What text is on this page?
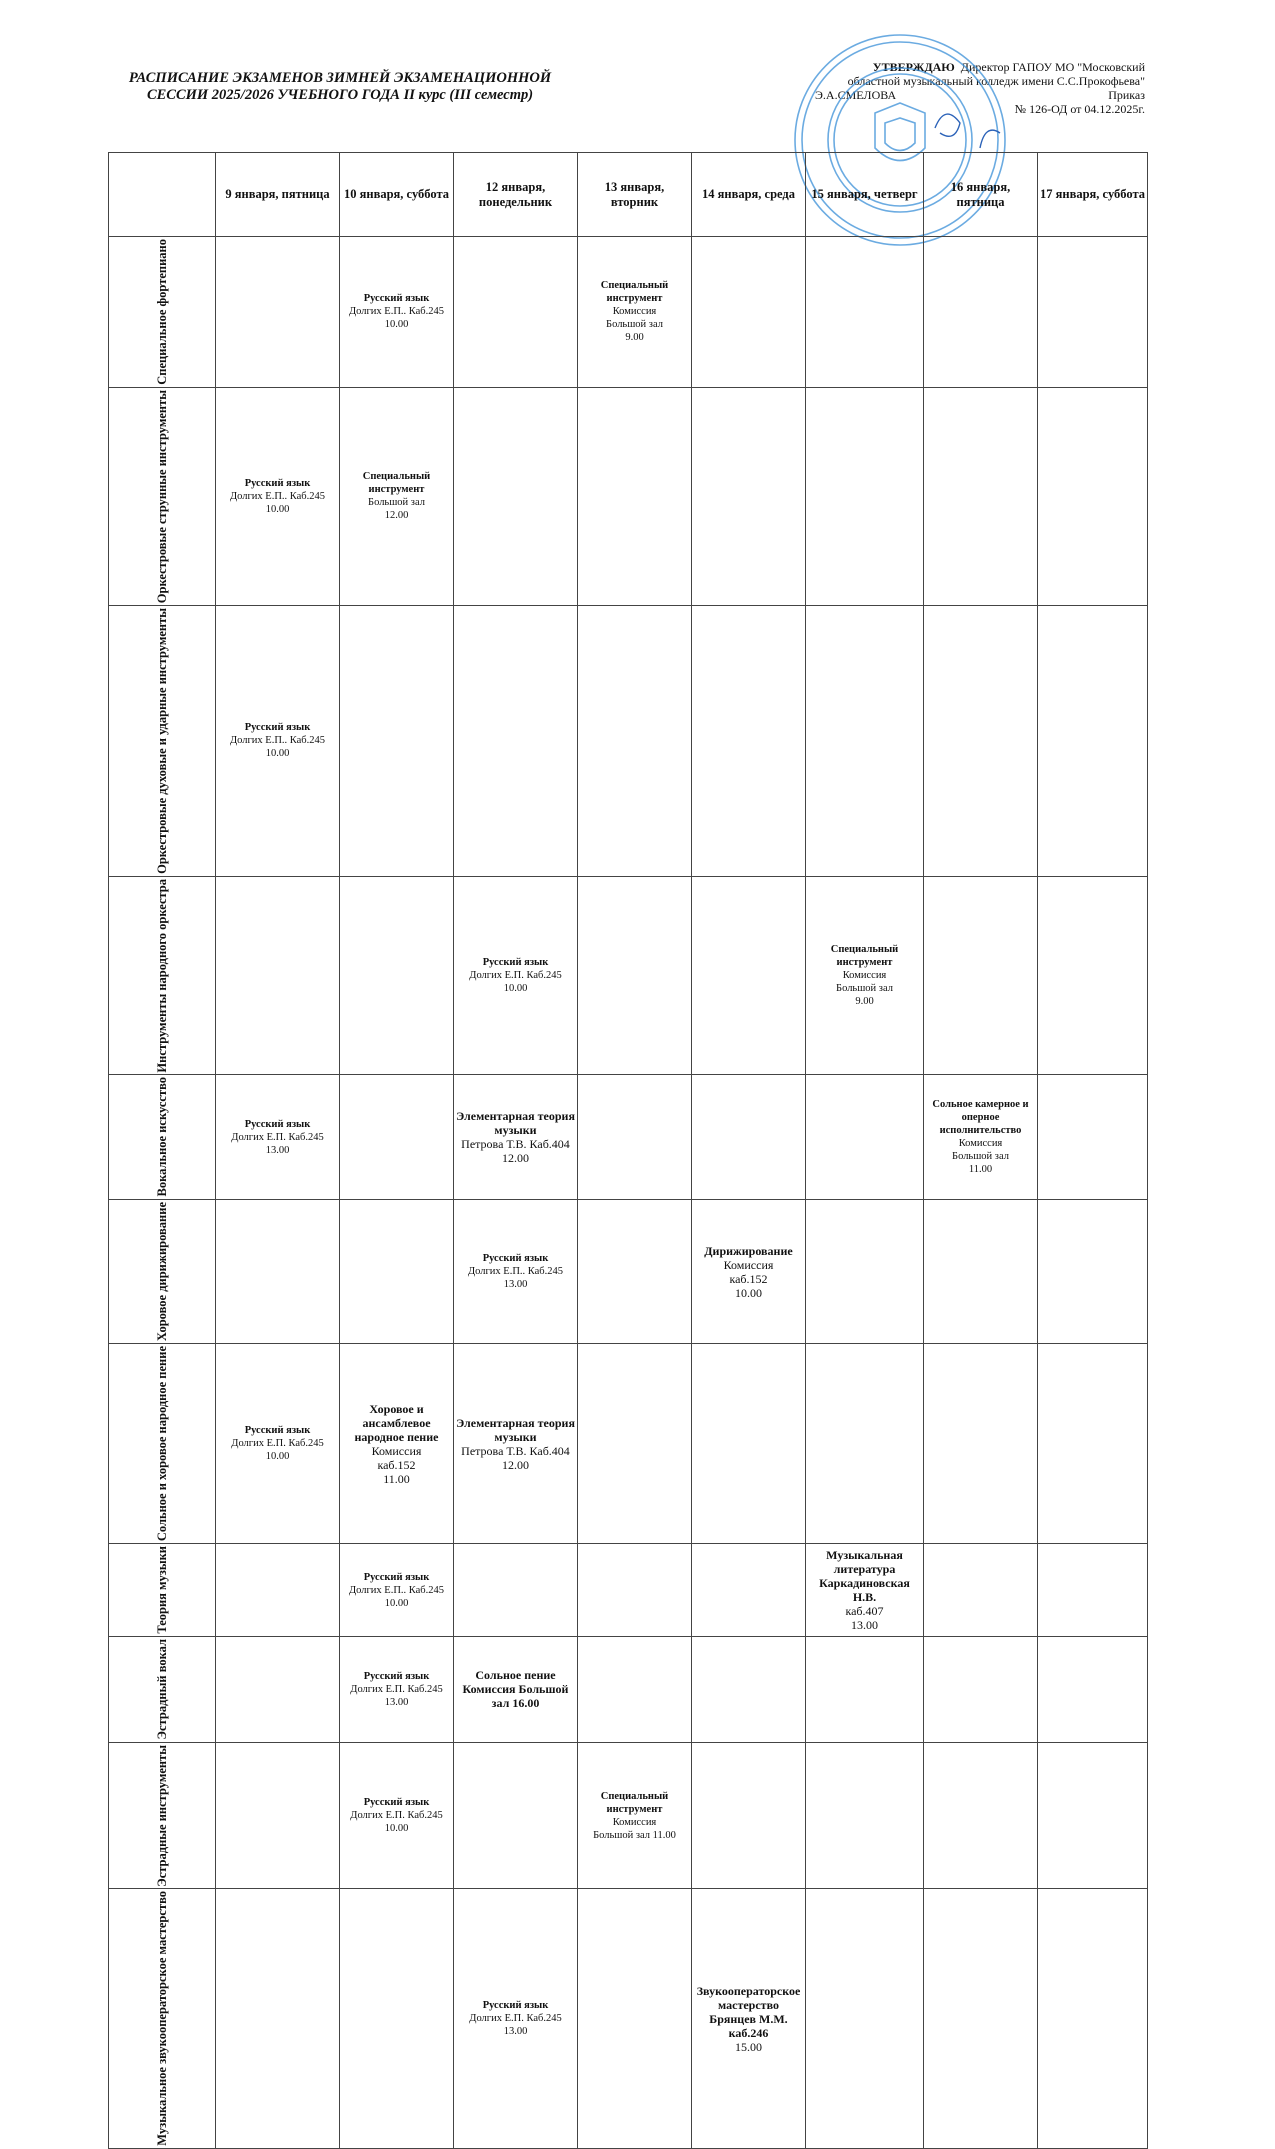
РАСПИСАНИЕ ЭКЗАМЕНОВ ЗИМНЕЙ ЭКЗАМЕНАЦИОННОЙ СЕССИИ 2025/2026 УЧЕБНОГО ГОДА II курс (III семестр)
УТВЕРЖДАЮ Директор ГАПОУ МО "Московский
областной музыкальный колледж имени С.С.Прокофьева"
Э.А.СМЕЛОВА	Приказ
№ 126-ОД от 04.12.2025г.
	9 января, пятница	10 января, суббота	12 января, понедельник	13 января, вторник	14 января, среда	15 января, четверг	16 января, пятница	17 января, суббота

Специальное фортепиано		Русский язык
Долгих Е.П.. Каб.245
10.00		Специальный инструмент
Комиссия
Большой зал
9.00				

Оркестровые струнные инструменты	Русский язык
Долгих Е.П.. Каб.245
10.00	Специальный инструмент
Большой зал
12.00						

Оркестровые духовые и ударные инструменты	Русский язык
Долгих Е.П.. Каб.245
10.00							

Инструменты народного оркестра			Русский язык
Долгих Е.П. Каб.245
10.00			Специальный инструмент
Комиссия
Большой зал
9.00		

Вокальное искусство	Русский язык
Долгих Е.П. Каб.245
13.00		Элементарная теория музыки
Петрова Т.В. Каб.404
12.00				Сольное камерное и оперное исполнительство
Комиссия
Большой зал
11.00	

Хоровое дирижирование			Русский язык
Долгих Е.П.. Каб.245
13.00		Дирижирование
Комиссия
каб.152
10.00			

Сольное и хоровое народное пение	Русский язык
Долгих Е.П. Каб.245
10.00	Хоровое и ансамблевое народное пение
Комиссия
каб.152
11.00	Элементарная теория музыки
Петрова Т.В. Каб.404
12.00					

Теория музыки		Русский язык
Долгих Е.П.. Каб.245
10.00				Музыкальная литература Каркадиновская Н.В.
каб.407
13.00		

Эстрадный вокал		Русский язык
Долгих Е.П. Каб.245
13.00	Сольное пение Комиссия Большой зал 16.00					

Эстрадные инструменты		Русский язык
Долгих Е.П. Каб.245
10.00		Специальный инструмент
Комиссия
Большой зал 11.00				

Музыкальное звукооператорское мастерство			Русский язык
Долгих Е.П. Каб.245
13.00		Звукооператорское мастерство Брянцев М.М. каб.246
15.00			
